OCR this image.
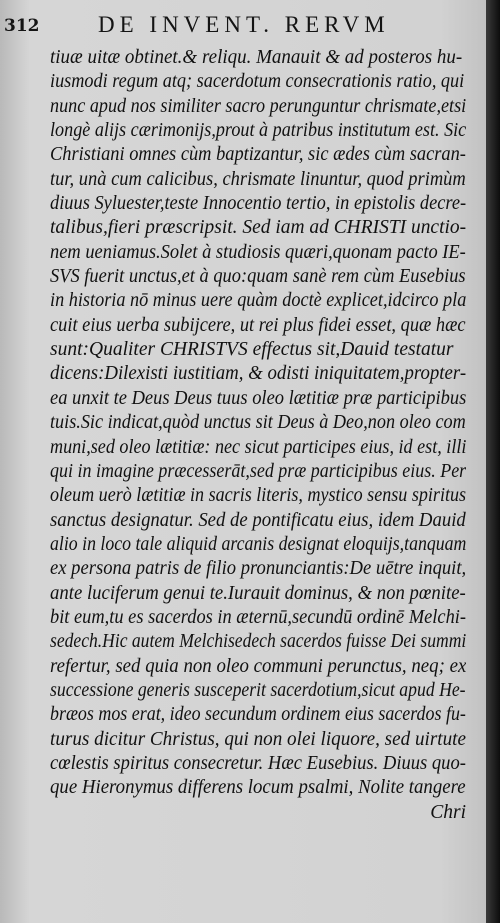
312	DE INVENT. RERVM
tiuæ uitæ obtinet.& reliqu. Manauit & ad posteros hu-
iusmodi regum atq; sacerdotum consecrationis ratio, qui
nunc apud nos similiter sacro perunguntur chrismate,etsi
longè alijs cærimonijs,prout à patribus institutum est. Sic
Christiani omnes cùm baptizantur, sic ædes cùm sacran-
tur, unà cum calicibus, chrismate linuntur, quod primùm
diuus Syluester,teste Innocentio tertio, in epistolis decre-
talibus,fieri præscripsit. Sed iam ad CHRISTI unctio-
nem ueniamus.Solet à studiosis quæri,quonam pacto IE-
SVS fuerit unctus,et à quo:quam sanè rem cùm Eusebius
in historia nō minus uere quàm doctè explicet,idcirco pla
cuit eius uerba subijcere, ut rei plus fidei esset, quæ hæc
sunt:Qualiter CHRISTVS effectus sit,Dauid testatur
dicens:Dilexisti iustitiam, & odisti iniquitatem,propter-
ea unxit te Deus Deus tuus oleo lætitiæ præ participibus
tuis.Sic indicat,quòd unctus sit Deus à Deo,non oleo com
muni,sed oleo lætitiæ: nec sicut participes eius, id est, illi
qui in imagine præcesserāt,sed præ participibus eius. Per
oleum uerò lætitiæ in sacris literis, mystico sensu spiritus
sanctus designatur. Sed de pontificatu eius, idem Dauid
alio in loco tale aliquid arcanis designat eloquijs,tanquam
ex persona patris de filio pronunciantis:De uētre inquit,
ante luciferum genui te.Iurauit dominus, & non pœnite-
bit eum,tu es sacerdos in æternū,secundū ordinē Melchi-
sedech.Hic autem Melchisedech sacerdos fuisse Dei summi
refertur, sed quia non oleo communi perunctus, neq; ex
successione generis susceperit sacerdotium,sicut apud He-
bræos mos erat, ideo secundum ordinem eius sacerdos fu-
turus dicitur Christus, qui non olei liquore, sed uirtute
cœlestis spiritus consecretur. Hæc Eusebius. Diuus quo-
que Hieronymus differens locum psalmi, Nolite tangere
Chri
